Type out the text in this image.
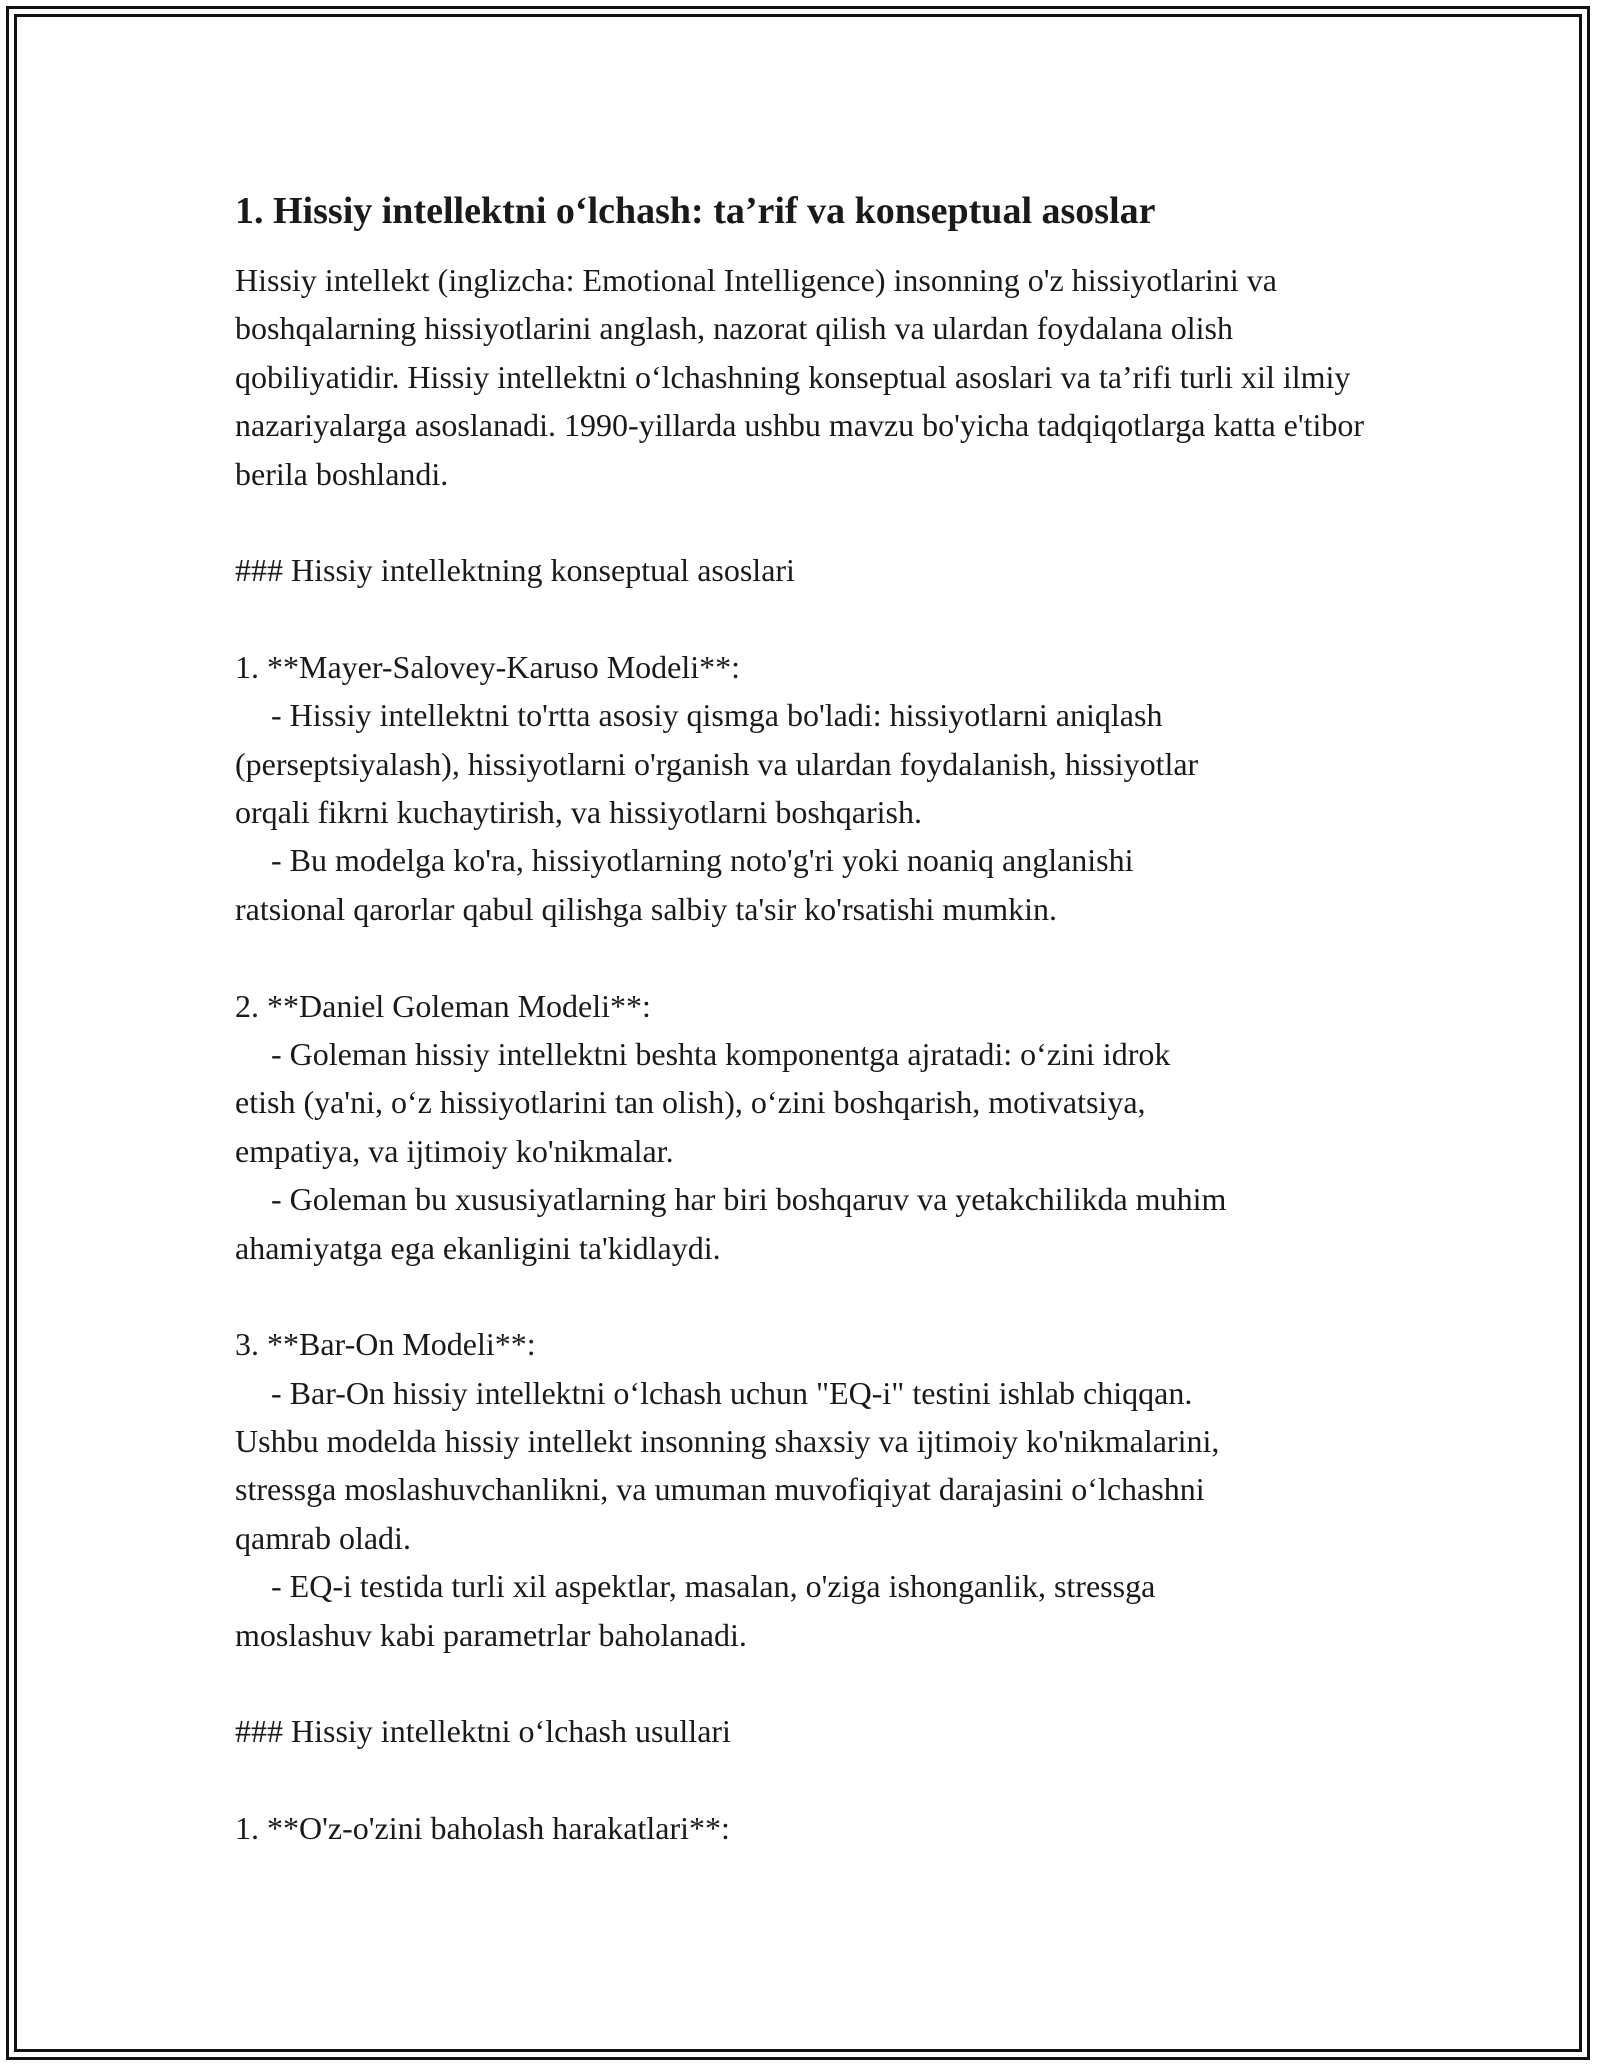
1. Hissiy intellektni o‘lchash: ta’rif va konseptual asoslar

Hissiy intellekt (inglizcha: Emotional Intelligence) insonning o'z hissiyotlarini va boshqalarning hissiyotlarini anglash, nazorat qilish va ulardan foydalana olish qobiliyatidir. Hissiy intellektni o‘lchashning konseptual asoslari va ta’rifi turli xil ilmiy nazariyalarga asoslanadi. 1990-yillarda ushbu mavzu bo'yicha tadqiqotlarga katta e'tibor berila boshlandi.

### Hissiy intellektning konseptual asoslari
1. **Mayer-Salovey-Karuso Modeli**:
- Hissiy intellektni to'rtta asosiy qismga bo'ladi: hissiyotlarni aniqlash
(perseptsiyalash), hissiyotlarni o'rganish va ulardan foydalanish, hissiyotlar
orqali fikrni kuchaytirish, va hissiyotlarni boshqarish.
- Bu modelga ko'ra, hissiyotlarning noto'g'ri yoki noaniq anglanishi
ratsional qarorlar qabul qilishga salbiy ta'sir ko'rsatishi mumkin.
2. **Daniel Goleman Modeli**:
- Goleman hissiy intellektni beshta komponentga ajratadi: o‘zini idrok
etish (ya'ni, o‘z hissiyotlarini tan olish), o‘zini boshqarish, motivatsiya,
empatiya, va ijtimoiy ko'nikmalar.
- Goleman bu xususiyatlarning har biri boshqaruv va yetakchilikda muhim
ahamiyatga ega ekanligini ta'kidlaydi.
3. **Bar-On Modeli**:
- Bar-On hissiy intellektni o‘lchash uchun "EQ-i" testini ishlab chiqqan.
Ushbu modelda hissiy intellekt insonning shaxsiy va ijtimoiy ko'nikmalarini,
stressga moslashuvchanlikni, va umuman muvofiqiyat darajasini o‘lchashni
qamrab oladi.
- EQ-i testida turli xil aspektlar, masalan, o'ziga ishonganlik, stressga
moslashuv kabi parametrlar baholanadi.
### Hissiy intellektni o‘lchash usullari
1. **O'z-o'zini baholash harakatlari**:
